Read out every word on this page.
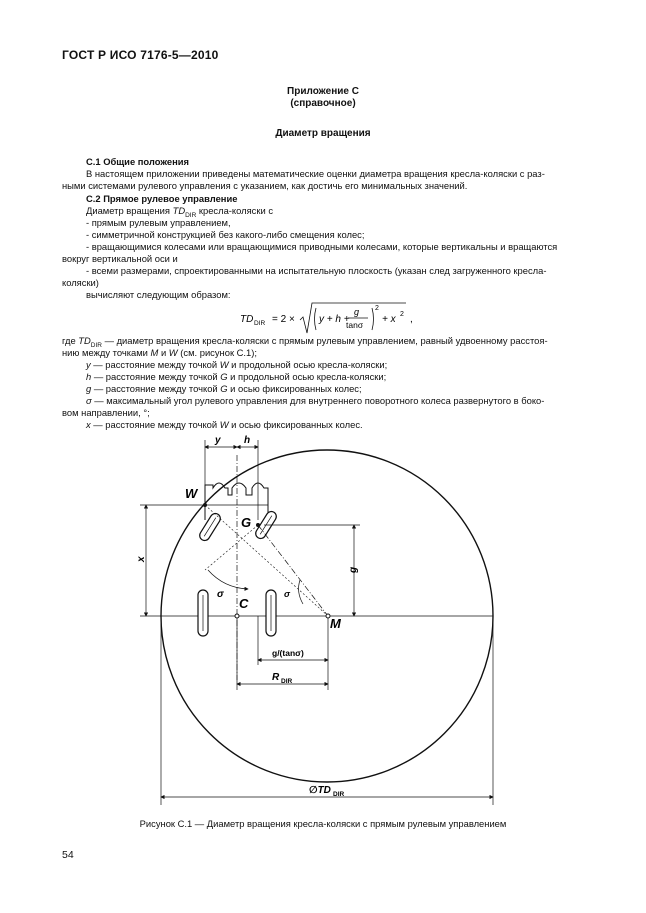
ГОСТ Р ИСО 7176-5—2010
Приложение С
(справочное)
Диаметр вращения
С.1 Общие положения
В настоящем приложении приведены математические оценки диаметра вращения кресла-коляски с раз-
ными системами рулевого управления с указанием, как достичь его минимальных значений.
С.2 Прямое рулевое управление
Диаметр вращения $TD_{DIR}$ кресла-коляски с
- прямым рулевым управлением,
- симметричной конструкцией без какого-либо смещения колес;
- вращающимися колесами или вращающимися приводными колесами, которые вертикальны и вращаются
вокруг вертикальной оси и
- всеми размерами, спроектированными на испытательную плоскость (указан след загруженного кресла-
коляски)
вычисляют следующим образом:
TD DIR = 2 × y + h +
g
tanσ
2
+ x 2 ,
где $TD_{DIR}$ — диаметр вращения кресла-коляски с прямым рулевым управлением, равный удвоенному расстоя-
нию между точками M и W (см. рисунок С.1);
y — расстояние между точкой W и продольной осью кресла-коляски;
h — расстояние между точкой G и продольной осью кресла-коляски;
g — расстояние между точкой G и осью фиксированных колес;
σ — максимальный угол рулевого управления для внутреннего поворотного колеса развернутого в боко-
вом направлении, °;
x — расстояние между точкой W и осью фиксированных колес.
y h
σ	σ
W
G
C
M
x
g
g/(tanσ)
R DIR
∅TD DIR
Рисунок С.1 — Диаметр вращения кресла-коляски с прямым рулевым управлением
54
